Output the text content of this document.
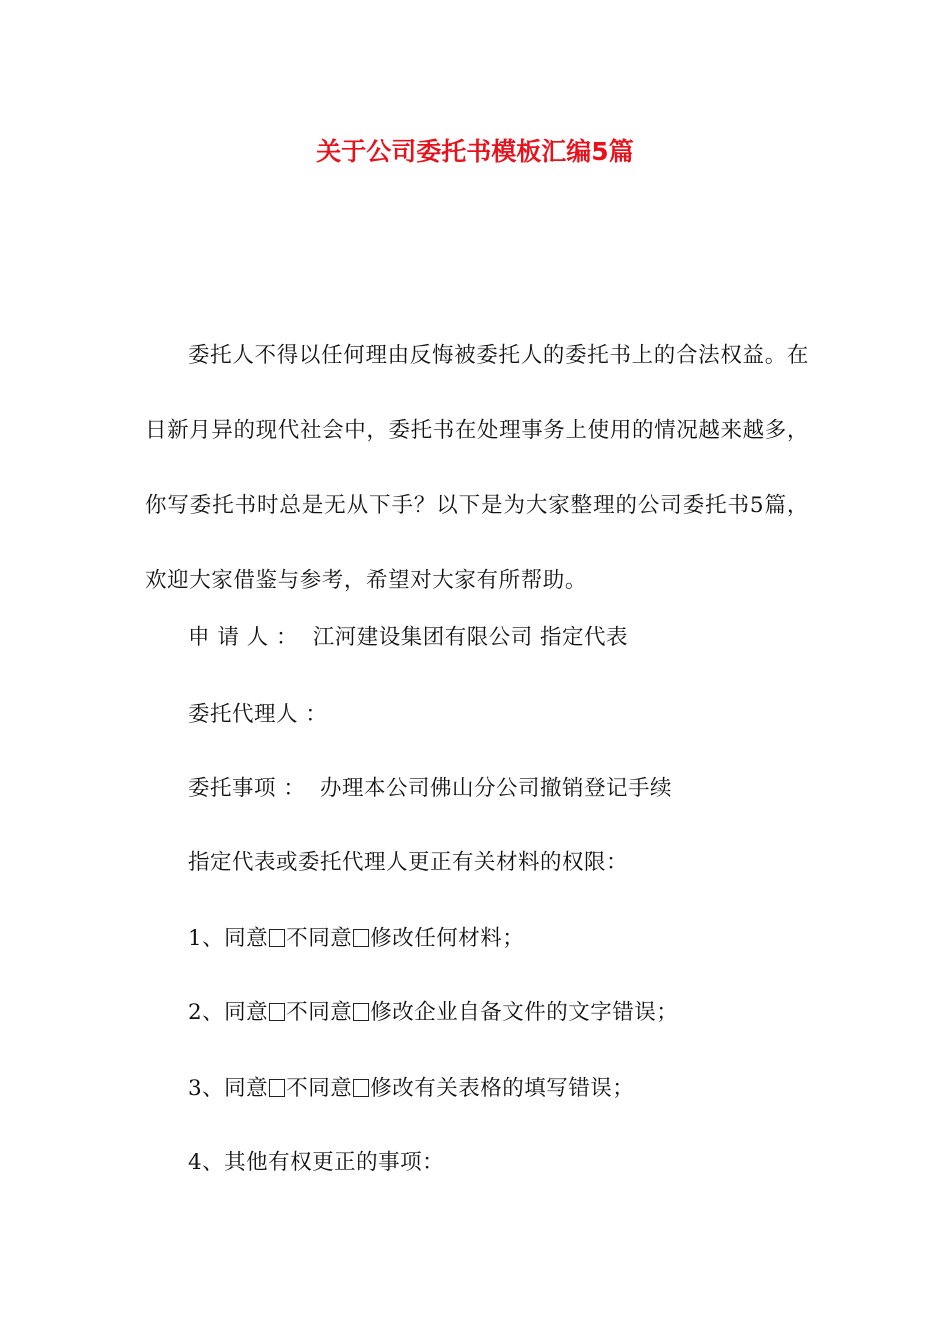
关于公司委托书模板汇编5篇

委托人不得以任何理由反悔被委托人的委托书上的合法权益。在日新月异的现代社会中，委托书在处理事务上使用的情况越来越多，你写委托书时总是无从下手？以下是为大家整理的公司委托书5篇，欢迎大家借鉴与参考，希望对大家有所帮助。

申 请 人 ： 江河建设集团有限公司 指定代表
委托代理人 ：
委托事项 ： 办理本公司佛山分公司撤销登记手续
指定代表或委托代理人更正有关材料的权限：
1、同意 不同意 修改任何材料；
2、同意 不同意 修改企业自备文件的文字错误；
3、同意 不同意 修改有关表格的填写错误；
4、其他有权更正的事项：
